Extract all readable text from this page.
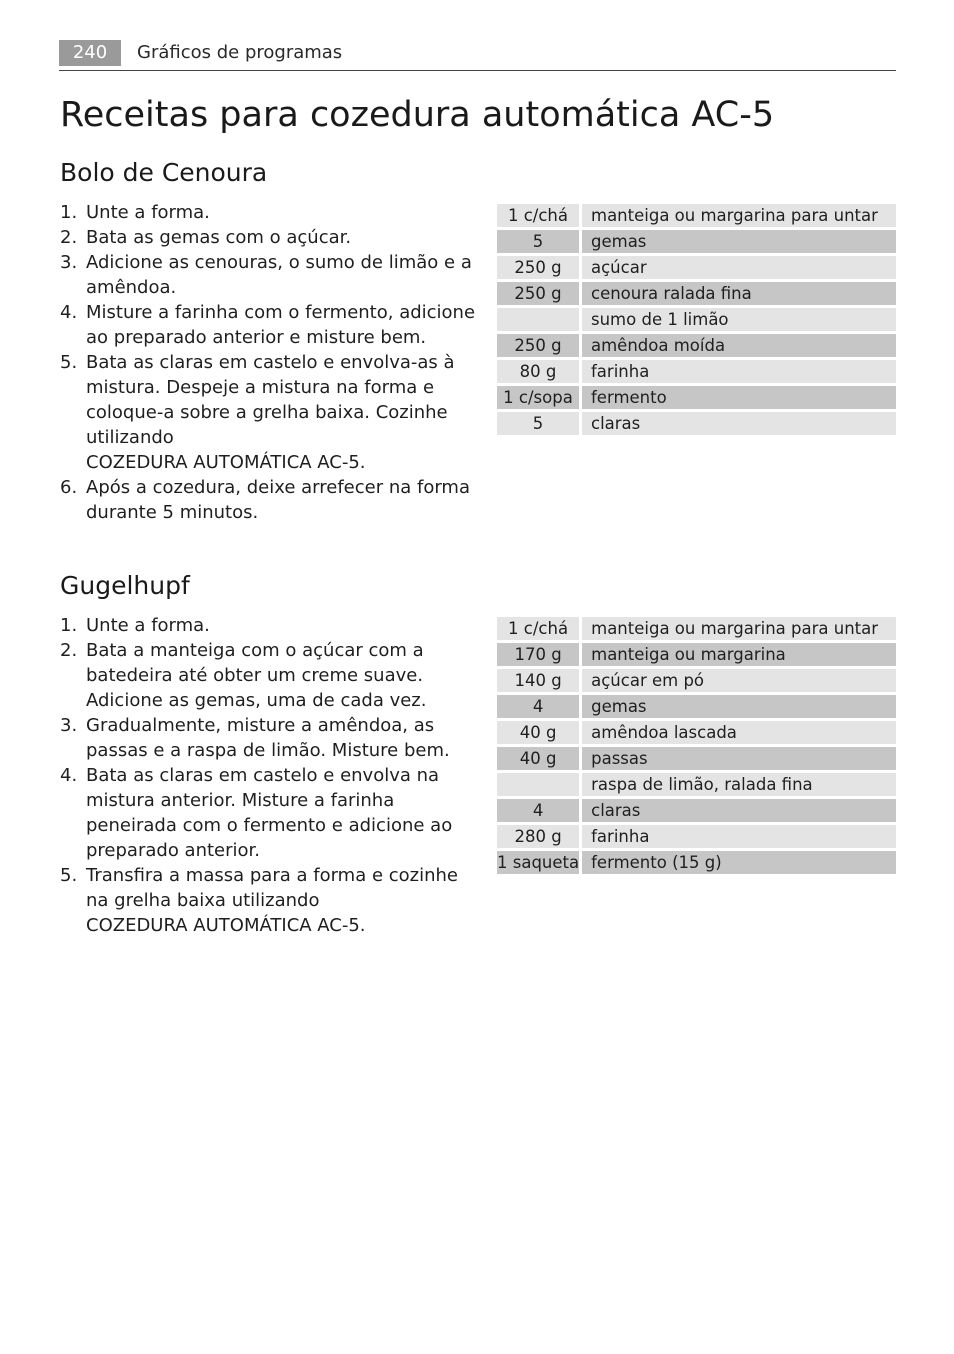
240	Gráficos de programas
Receitas para cozedura automática AC-5
Bolo de Cenoura
1. Unte a forma.
2. Bata as gemas com o açúcar.
3. Adicione as cenouras, o sumo de limão e a amêndoa.
4. Misture a farinha com o fermento, adicione ao preparado anterior e misture bem.
5. Bata as claras em castelo e envolva-as à mistura. Despeje a mistura na forma e coloque-a sobre a grelha baixa. Cozinhe utilizando
COZEDURA AUTOMÁTICA AC-5.
6. Após a cozedura, deixe arrefecer na forma durante 5 minutos.
1 c/chá	manteiga ou margarina para untar
5	gemas
250 g	açúcar
250 g	cenoura ralada fina
	sumo de 1 limão
250 g	amêndoa moída
80 g	farinha
1 c/sopa	fermento
5	claras
Gugelhupf
1. Unte a forma.
2. Bata a manteiga com o açúcar com a batedeira até obter um creme suave. Adicione as gemas, uma de cada vez.
3. Gradualmente, misture a amêndoa, as passas e a raspa de limão. Misture bem.
4. Bata as claras em castelo e envolva na mistura anterior. Misture a farinha peneirada com o fermento e adicione ao preparado anterior.
5. Transfira a massa para a forma e cozinhe na grelha baixa utilizando
COZEDURA AUTOMÁTICA AC-5.
1 c/chá	manteiga ou margarina para untar
170 g	manteiga ou margarina
140 g	açúcar em pó
4	gemas
40 g	amêndoa lascada
40 g	passas
	raspa de limão, ralada fina
4	claras
280 g	farinha
1 saqueta	fermento (15 g)
